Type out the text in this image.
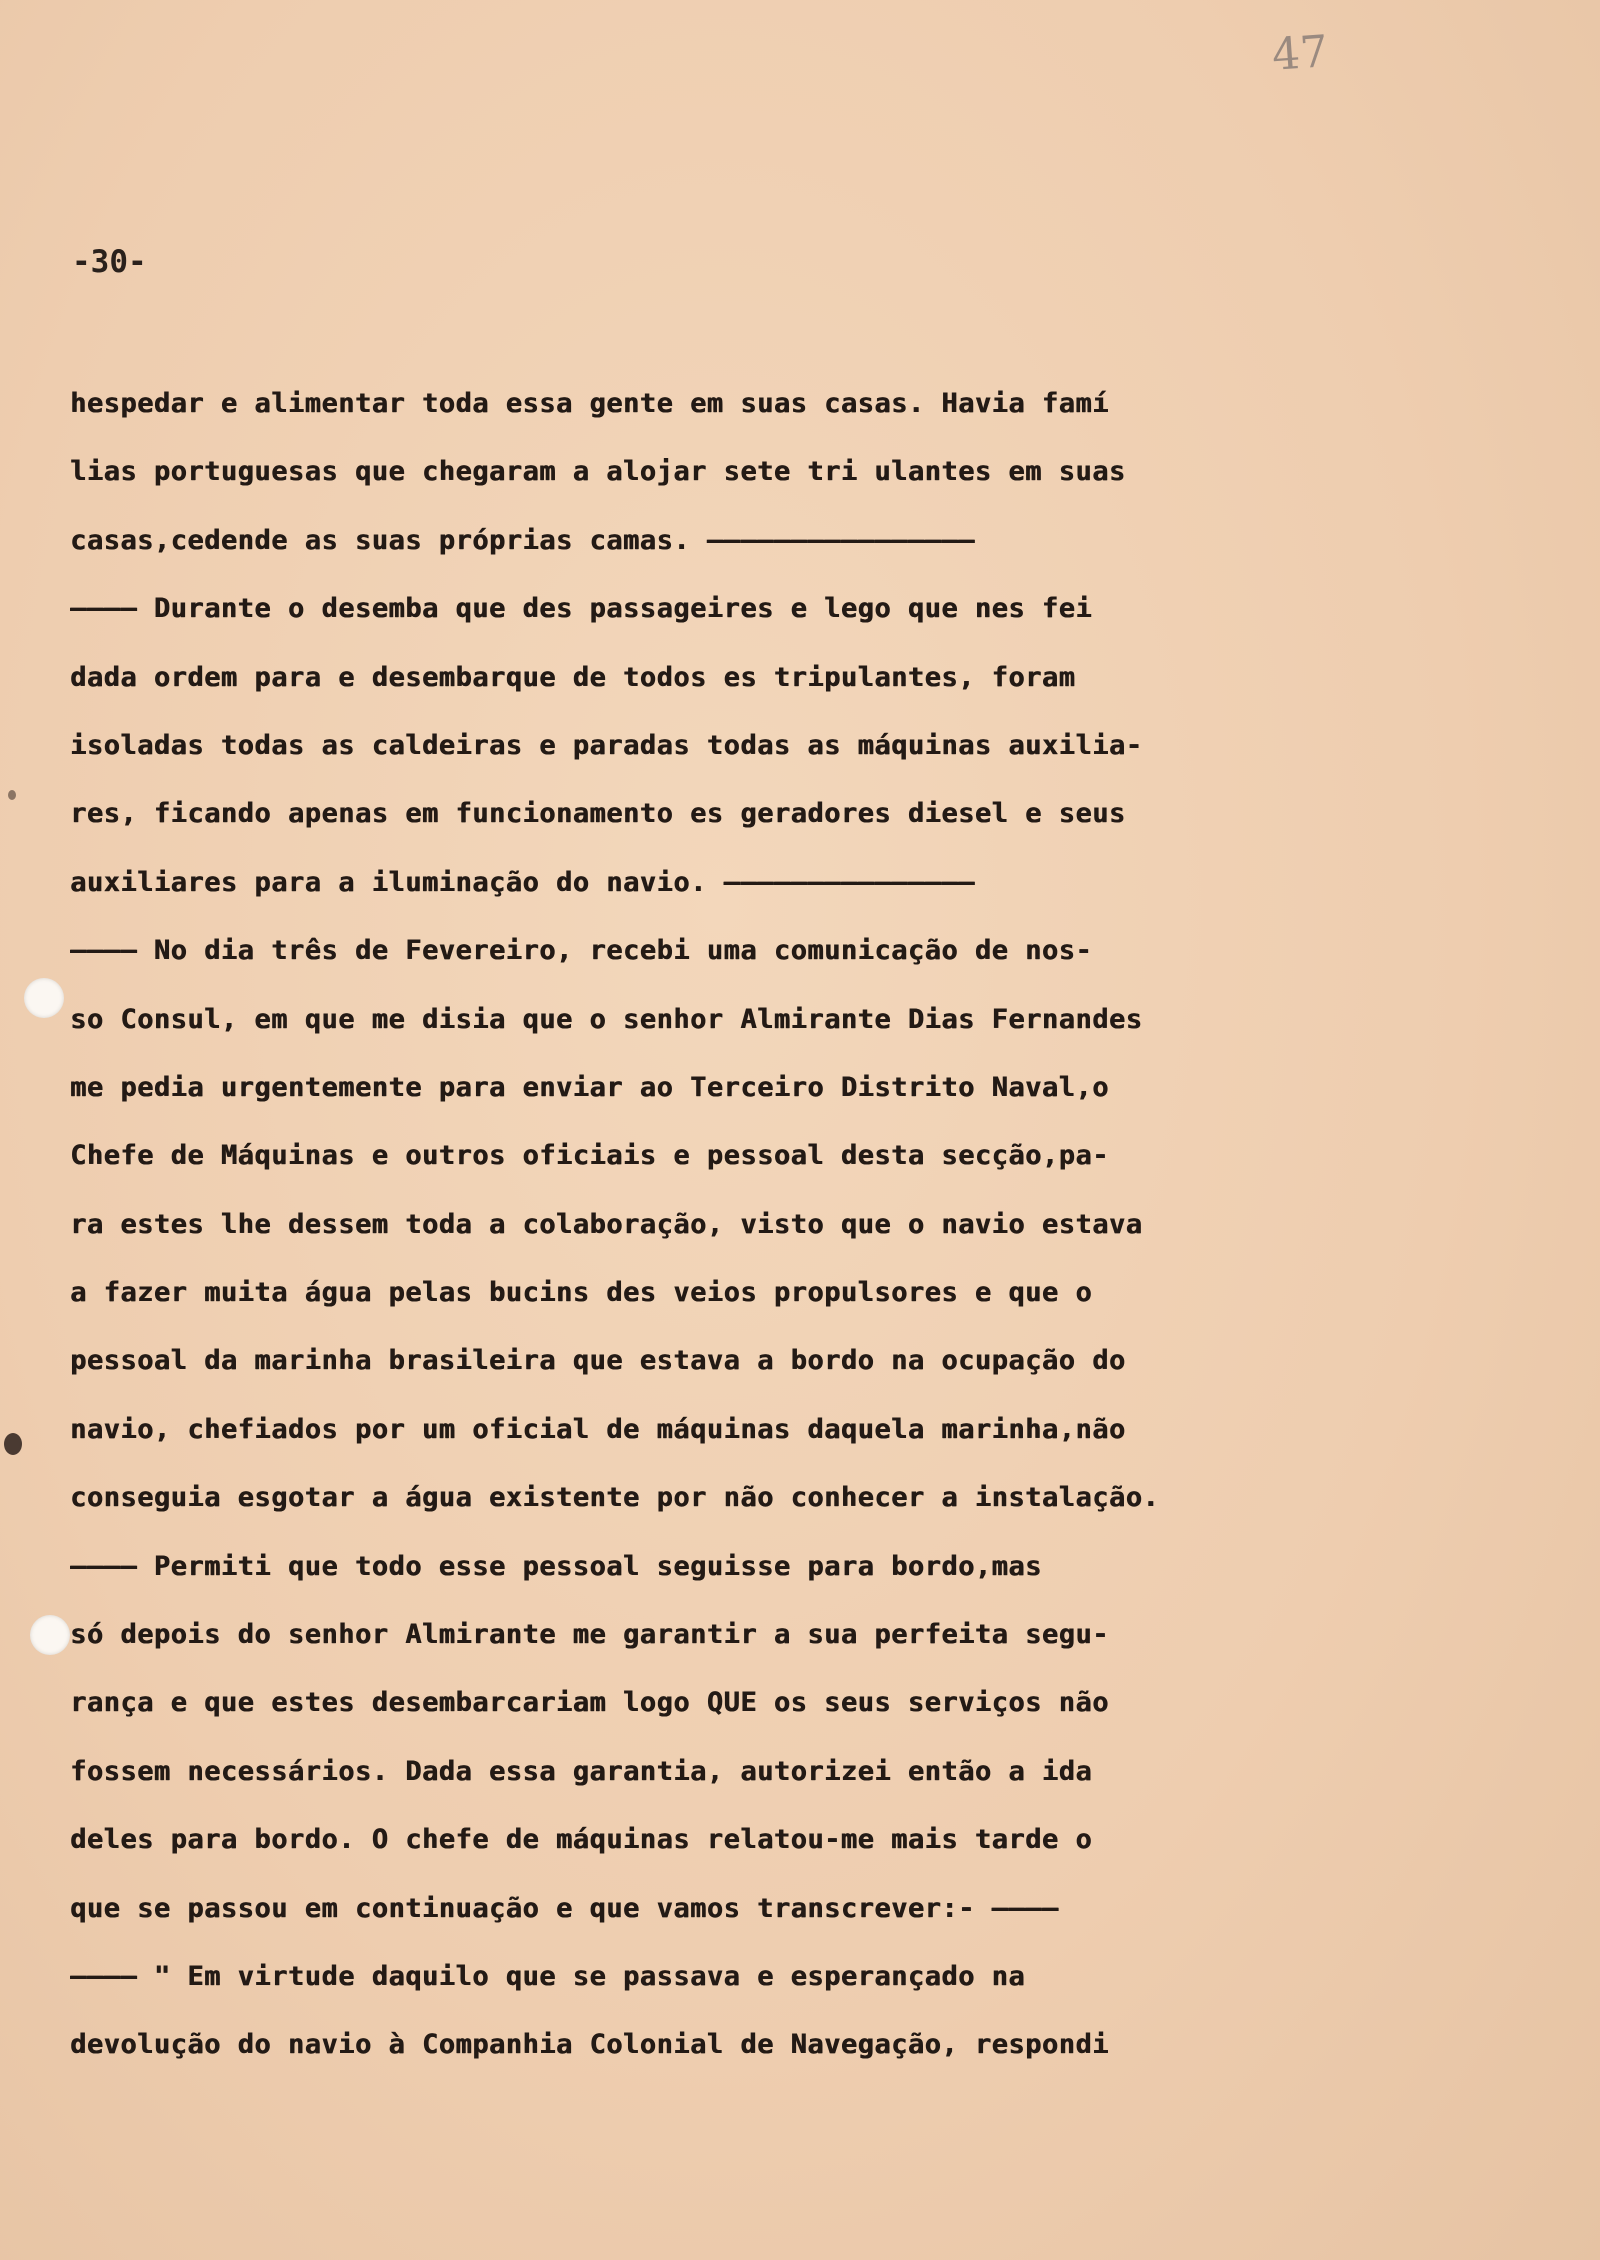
47
-30-
hespedar e alimentar toda essa gente em suas casas. Havia famí
lias portuguesas que chegaram a alojar sete tri ulantes em suas
casas,cedende as suas próprias camas. ————————————————
———— Durante o desemba que des passageires e lego que nes fei
dada ordem para e desembarque de todos es tripulantes, foram
isoladas todas as caldeiras e paradas todas as máquinas auxilia-
res, ficando apenas em funcionamento es geradores diesel e seus
auxiliares para a iluminação do navio. ———————————————
———— No dia três de Fevereiro, recebi uma comunicação de nos-
so Consul, em que me disia que o senhor Almirante Dias Fernandes
me pedia urgentemente para enviar ao Terceiro Distrito Naval,o
Chefe de Máquinas e outros oficiais e pessoal desta secção,pa-
ra estes lhe dessem toda a colaboração, visto que o navio estava
a fazer muita água pelas bucins des veios propulsores e que o
pessoal da marinha brasileira que estava a bordo na ocupação do
navio, chefiados por um oficial de máquinas daquela marinha,não
conseguia esgotar a água existente por não conhecer a instalação.
———— Permiti que todo esse pessoal seguisse para bordo,mas
só depois do senhor Almirante me garantir a sua perfeita segu-
rança e que estes desembarcariam logo QUE os seus serviços não
fossem necessários. Dada essa garantia, autorizei então a ida
deles para bordo. O chefe de máquinas relatou-me mais tarde o
que se passou em continuação e que vamos transcrever:- ————
———— " Em virtude daquilo que se passava e esperançado na
devolução do navio à Companhia Colonial de Navegação, respondi
